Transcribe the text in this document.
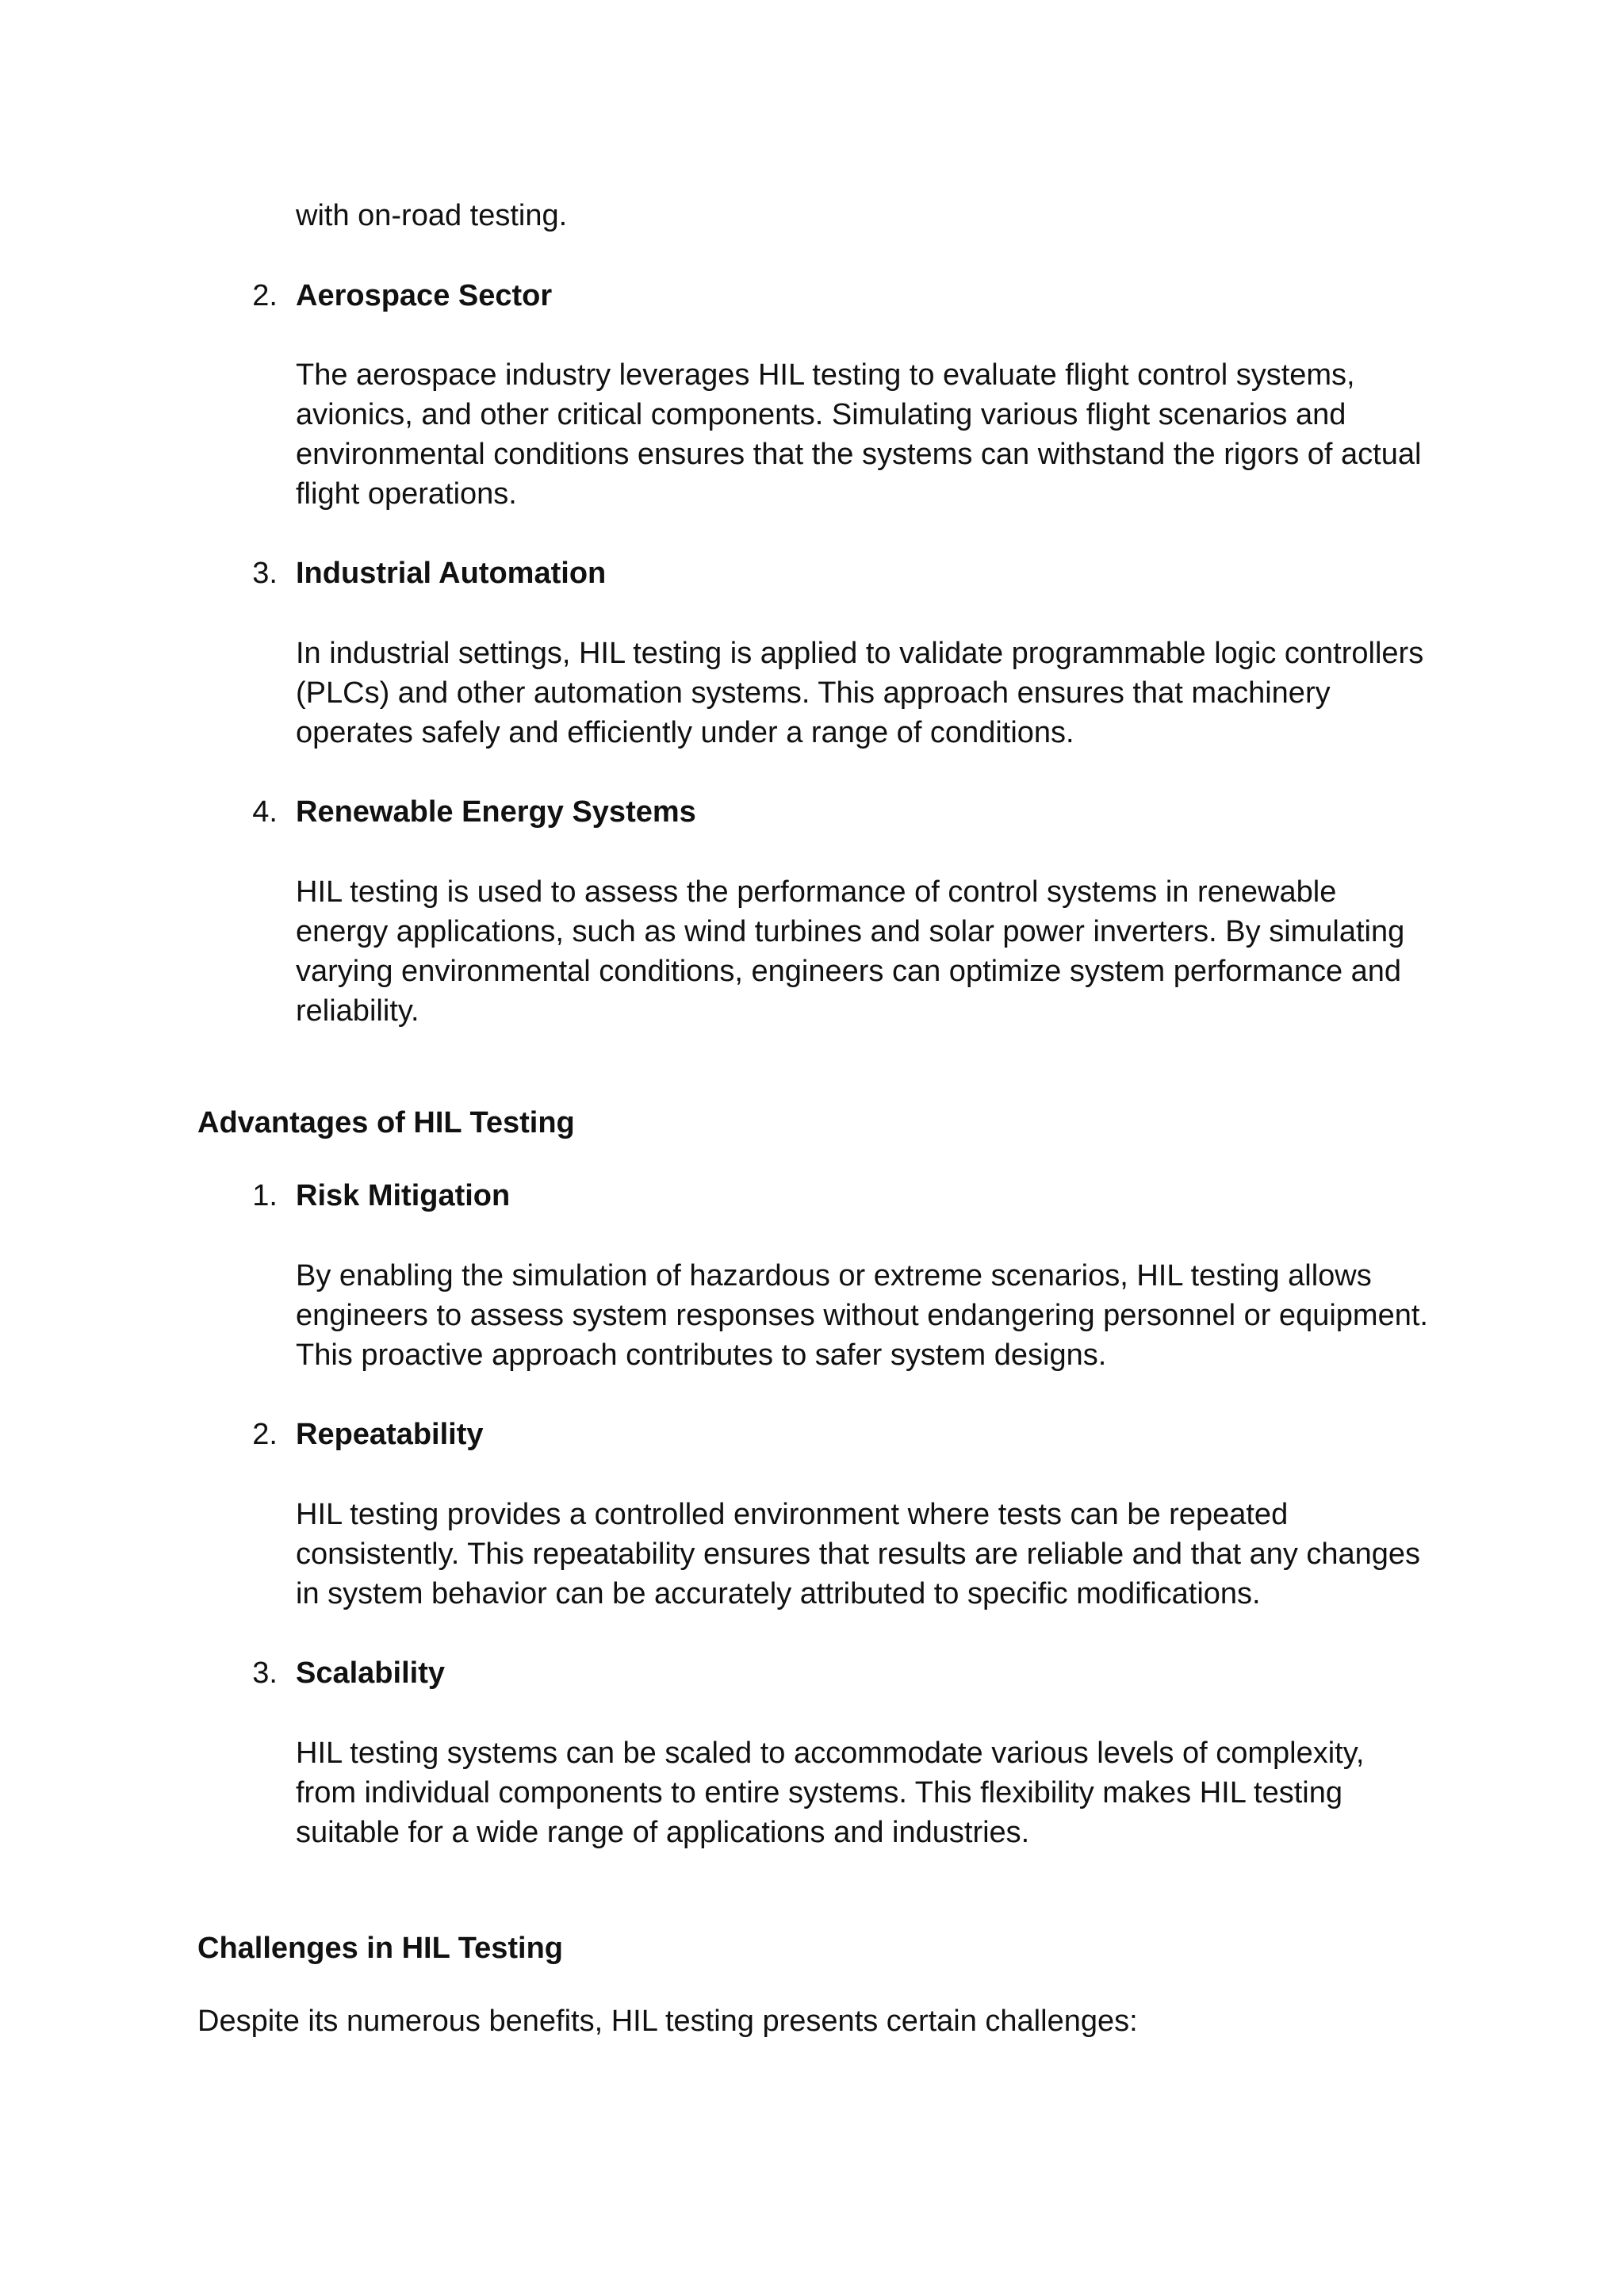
with on-road testing.

2. Aerospace Sector

The aerospace industry leverages HIL testing to evaluate flight control systems,
avionics, and other critical components. Simulating various flight scenarios and
environmental conditions ensures that the systems can withstand the rigors of actual
flight operations.

3. Industrial Automation

In industrial settings, HIL testing is applied to validate programmable logic controllers
(PLCs) and other automation systems. This approach ensures that machinery
operates safely and efficiently under a range of conditions.

4. Renewable Energy Systems

HIL testing is used to assess the performance of control systems in renewable
energy applications, such as wind turbines and solar power inverters. By simulating
varying environmental conditions, engineers can optimize system performance and
reliability.

Advantages of HIL Testing

1. Risk Mitigation

By enabling the simulation of hazardous or extreme scenarios, HIL testing allows
engineers to assess system responses without endangering personnel or equipment.
This proactive approach contributes to safer system designs.

2. Repeatability

HIL testing provides a controlled environment where tests can be repeated
consistently. This repeatability ensures that results are reliable and that any changes
in system behavior can be accurately attributed to specific modifications.

3. Scalability

HIL testing systems can be scaled to accommodate various levels of complexity,
from individual components to entire systems. This flexibility makes HIL testing
suitable for a wide range of applications and industries.

Challenges in HIL Testing

Despite its numerous benefits, HIL testing presents certain challenges:
